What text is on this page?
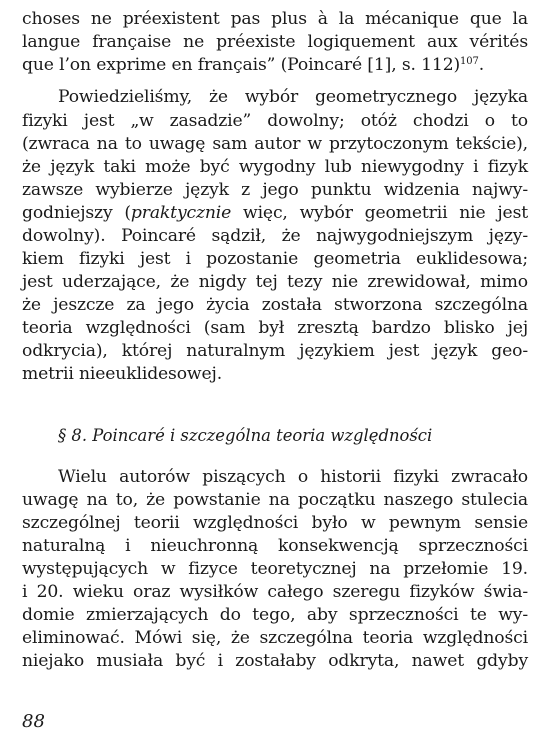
choses ne préexistent pas plus à la mécanique que la
langue française ne préexiste logiquement aux vérités
que l’on exprime en français” (Poincaré [1], s. 112)$^{107}$.
Powiedzieliśmy, że wybór geometrycznego języka
fizyki jest „w zasadzie” dowolny; otóż chodzi o to
(zwraca na to uwagę sam autor w przytoczonym tekście),
że język taki może być wygodny lub niewygodny i fizyk
zawsze wybierze język z jego punktu widzenia najwy-
godniejszy (praktycznie więc, wybór geometrii nie jest
dowolny). Poincaré sądził, że najwygodniejszym języ-
kiem fizyki jest i pozostanie geometria euklidesowa;
jest uderzające, że nigdy tej tezy nie zrewidował, mimo
że jeszcze za jego życia została stworzona szczególna
teoria względności (sam był zresztą bardzo blisko jej
odkrycia), której naturalnym językiem jest język geo-
metrii nieeuklidesowej.
§ 8. Poincaré i szczególna teoria względności
Wielu autorów piszących o historii fizyki zwracało
uwagę na to, że powstanie na początku naszego stulecia
szczególnej teorii względności było w pewnym sensie
naturalną i nieuchronną konsekwencją sprzeczności
występujących w fizyce teoretycznej na przełomie 19.
i 20. wieku oraz wysiłków całego szeregu fizyków świa-
domie zmierzających do tego, aby sprzeczności te wy-
eliminować. Mówi się, że szczególna teoria względności
niejako musiała być i zostałaby odkryta, nawet gdyby
88
